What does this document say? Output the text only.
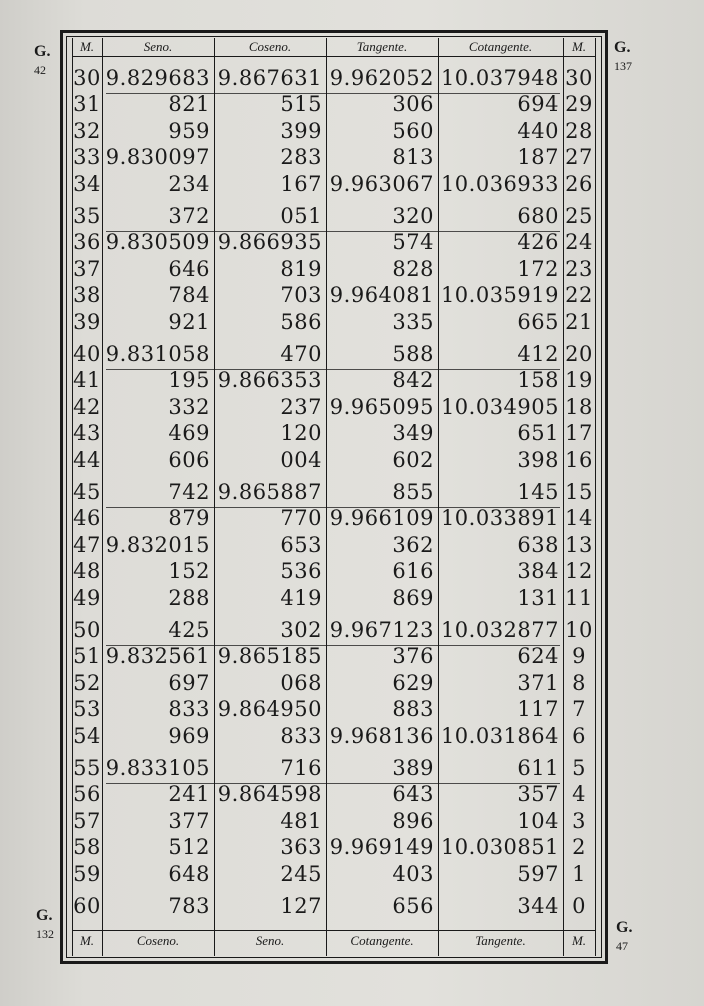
G.
42
G.
137
G.
132	G.
47
M.	Seno.	Coseno.	Tangente.	Cotangente.	M.
M.	Coseno.	Seno.	Cotangente.	Tangente.	M.
30 9.829683 9.867631 9.962052 10.037948 30
31	821	515	306	694 29
32	959	399	560	440 28
33 9.830097	283	813	187 27
34	234	167 9.963067 10.036933 26
35	372	051	320	680 25
36 9.830509 9.866935	574	426 24
37	646	819	828	172 23
38	784	703 9.964081 10.035919 22
39	921	586	335	665 21
40 9.831058	470	588	412 20
41	195 9.866353	842	158 19
42	332	237 9.965095 10.034905 18
43	469	120	349	651 17
44	606	004	602	398 16
45	742 9.865887	855	145 15
46	879	770 9.966109 10.033891 14
47 9.832015	653	362	638 13
48	152	536	616	384 12
49	288	419	869	131 11
50	425	302 9.967123 10.032877 10
51 9.832561 9.865185	376	624 9
52	697	068	629	371 8
53	833 9.864950	883	117 7
54	969	833 9.968136 10.031864 6
55 9.833105	716	389	611 5
56	241 9.864598	643	357 4
57	377	481	896	104 3
58	512	363 9.969149 10.030851 2
59	648	245	403	597 1
60	783	127	656	344 0
